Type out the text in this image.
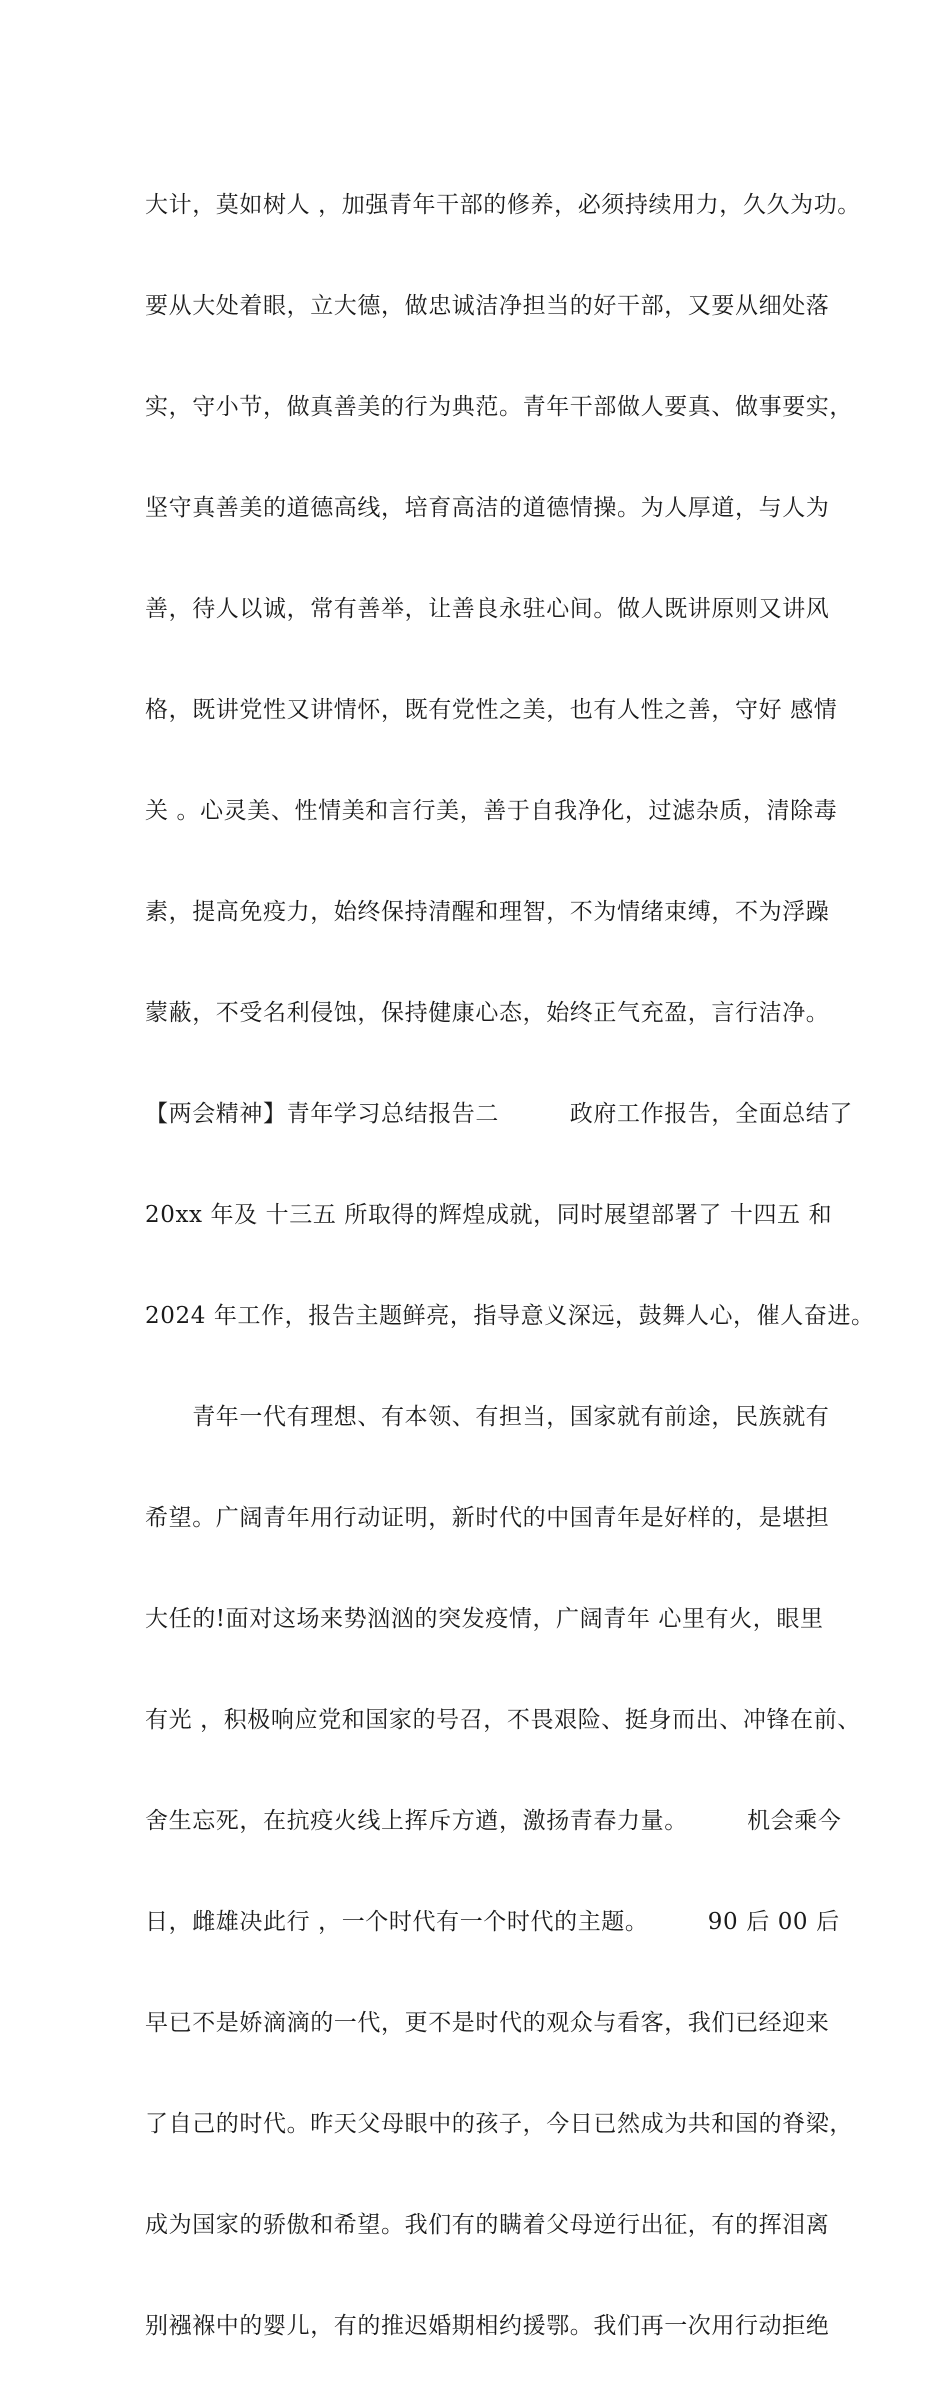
大计，莫如树人 ，加强青年干部的修养，必须持续用力，久久为功。

要从大处着眼，立大德，做忠诚洁净担当的好干部，又要从细处落

实，守小节，做真善美的行为典范。青年干部做人要真、做事要实，

坚守真善美的道德高线，培育高洁的道德情操。为人厚道，与人为

善，待人以诚，常有善举，让善良永驻心间。做人既讲原则又讲风

格，既讲党性又讲情怀，既有党性之美，也有人性之善，守好 感情

关 。心灵美、性情美和言行美，善于自我净化，过滤杂质，清除毒

素，提高免疫力，始终保持清醒和理智，不为情绪束缚，不为浮躁

蒙蔽，不受名利侵蚀，保持健康心态，始终正气充盈，言行洁净。

【两会精神】青年学习总结报告二　　　政府工作报告，全面总结了

20xx 年及 十三五 所取得的辉煌成就，同时展望部署了 十四五 和

2024 年工作，报告主题鲜亮，指导意义深远，鼓舞人心，催人奋进。

　　青年一代有理想、有本领、有担当，国家就有前途，民族就有

希望。广阔青年用行动证明，新时代的中国青年是好样的，是堪担

大任的!面对这场来势汹汹的突发疫情，广阔青年 心里有火，眼里

有光 ，积极响应党和国家的号召，不畏艰险、挺身而出、冲锋在前、

舍生忘死，在抗疫火线上挥斥方遒，激扬青春力量。　　　机会乘今

日，雌雄决此行 ，一个时代有一个时代的主题。　　　90 后 00 后

早已不是娇滴滴的一代，更不是时代的观众与看客，我们已经迎来

了自己的时代。昨天父母眼中的孩子，今日已然成为共和国的脊梁，

成为国家的骄傲和希望。我们有的瞒着父母逆行出征，有的挥泪离

别襁褓中的婴儿，有的推迟婚期相约援鄂。我们再一次用行动拒绝
